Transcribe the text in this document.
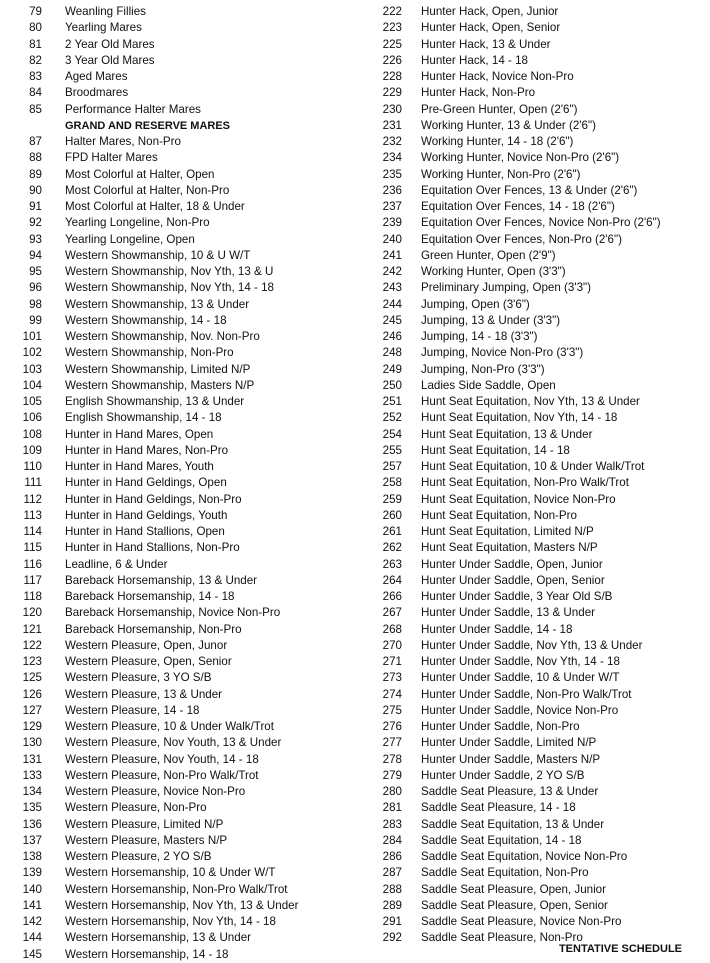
79 Weanling Fillies
80 Yearling Mares
81 2 Year Old Mares
82 3 Year Old Mares
83 Aged Mares
84 Broodmares
85 Performance Halter Mares
GRAND AND RESERVE MARES
87 Halter Mares, Non-Pro
88 FPD Halter Mares
89 Most Colorful at Halter, Open
90 Most Colorful at Halter, Non-Pro
91 Most Colorful at Halter, 18 & Under
92 Yearling Longeline, Non-Pro
93 Yearling Longeline, Open
94 Western Showmanship, 10 & U W/T
95 Western Showmanship, Nov Yth, 13 & U
96 Western Showmanship, Nov Yth, 14 - 18
98 Western Showmanship, 13 & Under
99 Western Showmanship, 14 - 18
101 Western Showmanship, Nov. Non-Pro
102 Western Showmanship, Non-Pro
103 Western Showmanship, Limited N/P
104 Western Showmanship, Masters N/P
105 English Showmanship, 13 & Under
106 English Showmanship, 14 - 18
108 Hunter in Hand Mares, Open
109 Hunter in Hand Mares, Non-Pro
110 Hunter in Hand Mares, Youth
111 Hunter in Hand Geldings, Open
112 Hunter in Hand Geldings, Non-Pro
113 Hunter in Hand Geldings, Youth
114 Hunter in Hand Stallions, Open
115 Hunter in Hand Stallions, Non-Pro
116 Leadline, 6 & Under
117 Bareback Horsemanship, 13 & Under
118 Bareback Horsemanship, 14 - 18
120 Bareback Horsemanship, Novice Non-Pro
121 Bareback Horsemanship, Non-Pro
122 Western Pleasure, Open, Junor
123 Western Pleasure, Open, Senior
125 Western Pleasure, 3 YO S/B
126 Western Pleasure, 13 & Under
127 Western Pleasure, 14 - 18
129 Western Pleasure, 10 & Under Walk/Trot
130 Western Pleasure, Nov Youth, 13 & Under
131 Western Pleasure, Nov Youth, 14 - 18
133 Western Pleasure, Non-Pro Walk/Trot
134 Western Pleasure, Novice Non-Pro
135 Western Pleasure, Non-Pro
136 Western Pleasure, Limited N/P
137 Western Pleasure, Masters N/P
138 Western Pleasure, 2 YO S/B
139 Western Horsemanship, 10 & Under W/T
140 Western Horsemanship, Non-Pro Walk/Trot
141 Western Horsemanship, Nov Yth, 13 & Under
142 Western Horsemanship, Nov Yth, 14 - 18
144 Western Horsemanship, 13 & Under
145 Western Horsemanship, 14 - 18
222 Hunter Hack, Open, Junior
223 Hunter Hack, Open, Senior
225 Hunter Hack, 13 & Under
226 Hunter Hack, 14 - 18
228 Hunter Hack, Novice Non-Pro
229 Hunter Hack, Non-Pro
230 Pre-Green Hunter, Open (2'6")
231 Working Hunter, 13 & Under (2'6")
232 Working Hunter, 14 - 18 (2'6")
234 Working Hunter, Novice Non-Pro (2'6")
235 Working Hunter, Non-Pro (2'6")
236 Equitation Over Fences, 13 & Under (2'6")
237 Equitation Over Fences, 14 - 18 (2'6")
239 Equitation Over Fences, Novice Non-Pro (2'6")
240 Equitation Over Fences, Non-Pro (2'6")
241 Green Hunter, Open (2'9")
242 Working Hunter, Open (3'3")
243 Preliminary Jumping, Open (3'3")
244 Jumping, Open (3'6")
245 Jumping, 13 & Under (3'3")
246 Jumping, 14 - 18 (3'3")
248 Jumping, Novice Non-Pro (3'3")
249 Jumping, Non-Pro (3'3")
250 Ladies Side Saddle, Open
251 Hunt Seat Equitation, Nov Yth, 13 & Under
252 Hunt Seat Equitation, Nov Yth, 14 - 18
254 Hunt Seat Equitation, 13 & Under
255 Hunt Seat Equitation, 14 - 18
257 Hunt Seat Equitation, 10 & Under Walk/Trot
258 Hunt Seat Equitation, Non-Pro Walk/Trot
259 Hunt Seat Equitation, Novice Non-Pro
260 Hunt Seat Equitation, Non-Pro
261 Hunt Seat Equitation, Limited N/P
262 Hunt Seat Equitation, Masters N/P
263 Hunter Under Saddle, Open, Junior
264 Hunter Under Saddle, Open, Senior
266 Hunter Under Saddle, 3 Year Old S/B
267 Hunter Under Saddle, 13 & Under
268 Hunter Under Saddle, 14 - 18
270 Hunter Under Saddle, Nov Yth, 13 & Under
271 Hunter Under Saddle, Nov Yth, 14 - 18
273 Hunter Under Saddle, 10 & Under W/T
274 Hunter Under Saddle, Non-Pro Walk/Trot
275 Hunter Under Saddle, Novice Non-Pro
276 Hunter Under Saddle, Non-Pro
277 Hunter Under Saddle, Limited N/P
278 Hunter Under Saddle, Masters N/P
279 Hunter Under Saddle, 2 YO S/B
280 Saddle Seat Pleasure, 13 & Under
281 Saddle Seat Pleasure, 14 - 18
283 Saddle Seat Equitation, 13 & Under
284 Saddle Seat Equitation, 14 - 18
286 Saddle Seat Equitation, Novice Non-Pro
287 Saddle Seat Equitation, Non-Pro
288 Saddle Seat Pleasure, Open, Junior
289 Saddle Seat Pleasure, Open, Senior
291 Saddle Seat Pleasure, Novice Non-Pro
292 Saddle Seat Pleasure, Non-Pro
TENTATIVE SCHEDULE
